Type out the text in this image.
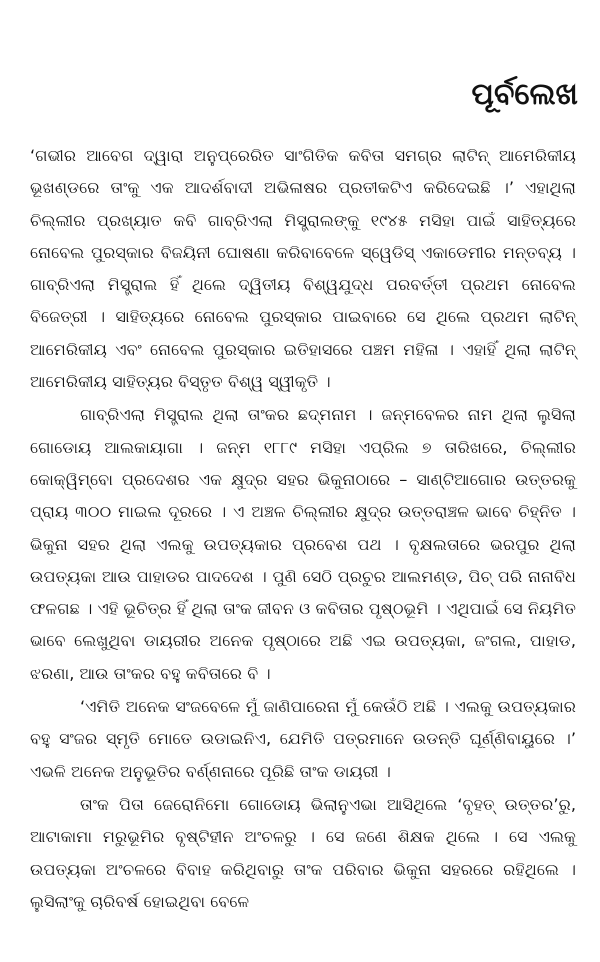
ପୂର୍ବଲେଖ

‘ଗଭୀର ଆବେଗ ଦ୍ୱାରା ଅନୁପ୍ରେରିତ ସାଂଗିତିକ କବିତା ସମଗ୍ର ଲାଟିନ୍ ଆମେରିକୀୟ ଭୂଖଣ୍ଡରେ ତାଂକୁ ଏକ ଆଦର୍ଶବାଦୀ ଅଭିଳାଷର ପ୍ରତୀକଟିଏ କରିଦେଇଛି ।’ ଏହାଥିଲା ଚିଲ୍ଲୀର ପ୍ରଖ୍ୟାତ କବି ଗାବ୍ରିଏଲା ମିସ୍ତ୍ରାଲଙ୍କୁ ୧୯୪୫ ମସିହା ପାଇଁ ସାହିତ୍ୟରେ ନୋବେଲ ପୁରସ୍କାର ବିଜୟିନୀ ଘୋଷଣା କରିବାବେଳେ ସ୍ୱେଡିସ୍ ଏକାଡେମୀର ମନ୍ତବ୍ୟ । ଗାବ୍ରିଏଲା ମିସ୍ତ୍ରାଲ ହିଁ ଥିଲେ ଦ୍ୱିତୀୟ ବିଶ୍ୱଯୁଦ୍ଧ ପରବର୍ତ୍ତୀ ପ୍ରଥମ ନୋବେଲ ବିଜେତ୍ରୀ । ସାହିତ୍ୟରେ ନୋବେଲ ପୁରସ୍କାର ପାଇବାରେ ସେ ଥିଲେ ପ୍ରଥମ ଲାଟିନ୍ ଆମେରିକୀୟ ଏବଂ ନୋବେଲ ପୁରସ୍କାର ଇତିହାସରେ ପଞ୍ଚମ ମହିଳା । ଏହାହିଁ ଥିଲା ଲାଟିନ୍ ଆମେରିକୀୟ ସାହିତ୍ୟର ବିସ୍ତୃତ ବିଶ୍ୱ ସ୍ୱୀକୃତି ।

ଗାବ୍ରିଏଲା ମିସ୍ତ୍ରାଲ ଥିଲା ତାଂକର ଛଦ୍ମନାମ । ଜନ୍ମବେଳର ନାମ ଥିଲା ଲୁସିଲା ଗୋଡୋୟ ଆଲକାୟାଗା । ଜନ୍ମ ୧୮୮୯ ମସିହା ଏପ୍ରିଲ ୭ ତାରିଖରେ, ଚିଲ୍ଲୀର କୋକ୍ୱିମ୍ବୋ ପ୍ରଦେଶର ଏକ କ୍ଷୁଦ୍ର ସହର ଭିକୁନାଠାରେ – ସାଣ୍ଟିଆଗୋର ଉତ୍ତରକୁ ପ୍ରାୟ ୩୦୦ ମାଇଲ ଦୂରରେ । ଏ ଅଞ୍ଚଳ ଚିଲ୍ଲୀର କ୍ଷୁଦ୍ର ଉତ୍ତରାଞ୍ଚଳ ଭାବେ ଚିହ୍ନିତ । ଭିକୁନା ସହର ଥିଲା ଏଲକୁ ଉପତ୍ୟକାର ପ୍ରବେଶ ପଥ । ବୃକ୍ଷଲତାରେ ଭରପୁର ଥିଲା ଉପତ୍ୟକା ଆଉ ପାହାଡର ପାଦଦେଶ । ପୁଣି ସେଠି ପ୍ରଚୁର ଆଲମଣ୍ଡ, ପିଚ୍ ପରି ନାନାବିଧ ଫଳଗଛ । ଏହି ଭୂଚିତ୍ର ହିଁ ଥିଲା ତାଂକ ଜୀବନ ଓ କବିତାର ପୃଷ୍ଠଭୂମି । ଏଥିପାଇଁ ସେ ନିୟମିତ ଭାବେ ଲେଖୁଥିବା ଡାୟରୀର ଅନେକ ପୃଷ୍ଠାରେ ଅଛି ଏଇ ଉପତ୍ୟକା, ଜଂଗଲ, ପାହାଡ, ଝରଣା, ଆଉ ତାଂକର ବହୁ କବିତାରେ ବି ।

‘ଏମିତି ଅନେକ ସଂଜବେଳେ ମୁଁ ଜାଣିପାରେନା ମୁଁ କେଉଁଠି ଅଛି । ଏଲକୁ ଉପତ୍ୟକାର ବହୁ ସଂଜର ସ୍ମୃତି ମୋତେ ଉଡାଇନିଏ, ଯେମିତି ପତ୍ରମାନେ ଉଡନ୍ତି ଘୂର୍ଣ୍ଣିବାୟୁରେ ।’ ଏଭଳି ଅନେକ ଅନୁଭୂତିର ବର୍ଣ୍ଣନାରେ ପୂରିଛି ତାଂକ ଡାୟରୀ ।

ତାଂକ ପିତା ଜେରୋନିମୋ ଗୋଡୋୟ ଭିଲାନୁଏଭା ଆସିଥିଲେ ‘ବୃହତ୍ ଉତ୍ତର’ରୁ, ଆଟାକାମା ମରୁଭୂମିର ବୃଷ୍ଟିହୀନ ଅଂଚଳରୁ । ସେ ଜଣେ ଶିକ୍ଷକ ଥିଲେ । ସେ ଏଲକୁ ଉପତ୍ୟକା ଅଂଚଳରେ ବିବାହ କରିଥିବାରୁ ତାଂକ ପରିବାର ଭିକୁନା ସହରରେ ରହିଥିଲେ । ଲୁସିଲାଂକୁ ଚାରିବର୍ଷ ହୋଇଥିବା ବେଳେ
